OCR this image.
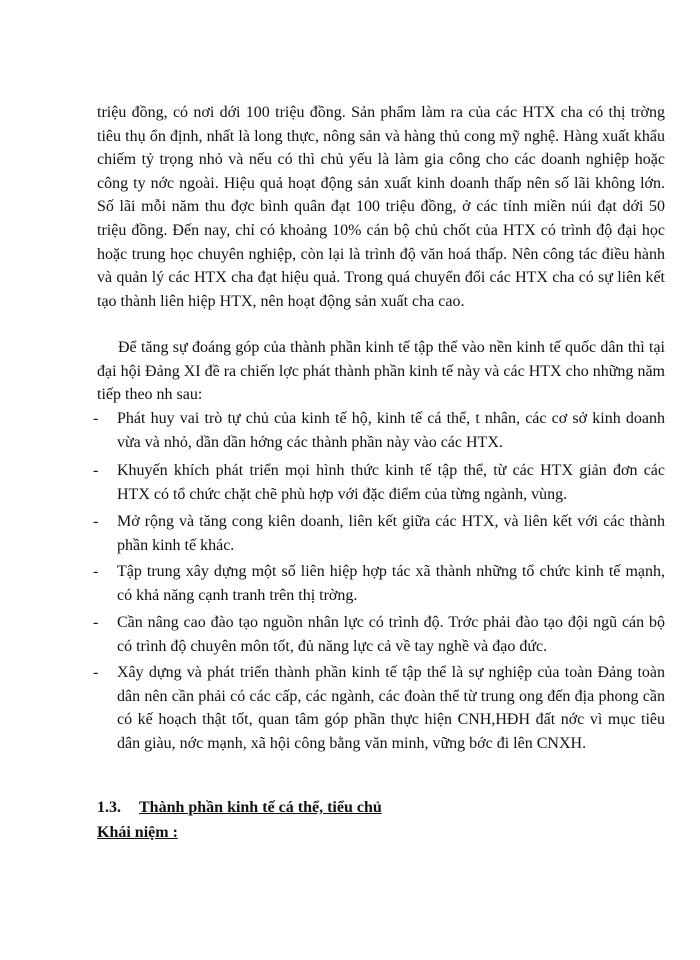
triệu đồng, có nơi dới 100 triệu đồng. Sản phẩm làm ra của các HTX cha có thị trờng tiêu thụ ổn định, nhất là long thực, nông sản và hàng thủ cong mỹ nghệ. Hàng xuất khẩu chiếm tỷ trọng nhỏ và nếu có thì chủ yếu là làm gia công cho các doanh nghiệp hoặc công ty nớc ngoài. Hiệu quả hoạt động sản xuất kinh doanh thấp nên số lãi không lớn. Số lãi mỗi năm thu đợc bình quân đạt 100 triệu đồng, ở các tỉnh miền núi đạt dới 50 triệu đồng. Đến nay, chỉ có khoảng 10% cán bộ chủ chốt của HTX có trình độ đại học hoặc trung học chuyên nghiệp, còn lại là trình độ văn hoá thấp. Nên công tác điều hành và quản lý các HTX cha đạt hiệu quả. Trong quá chuyển đổi các HTX cha có sự liên kết tạo thành liên hiệp HTX, nên hoạt động sản xuất cha cao.

Để tăng sự đoáng góp của thành phần kinh tế tập thể vào nền kinh tế quốc dân thì tại đại hội Đảng XI đề ra chiến lợc phát thành phần kinh tế này và các HTX cho những năm tiếp theo nh sau:

- Phát huy vai trò tự chủ của kinh tế hộ, kinh tế cá thể, t nhân, các cơ sở kinh doanh vừa và nhỏ, dần dần hớng các thành phần này vào các HTX.
- Khuyến khích phát triển mọi hình thức kinh tế tập thể, từ các HTX giản đơn các HTX có tổ chức chặt chẽ phù hợp với đặc điểm của từng ngành, vùng.
- Mở rộng và tăng cong kiên doanh, liên kết giữa các HTX, và liên kết với các thành phần kinh tế khác.
- Tập trung xây dựng một số liên hiệp hợp tác xã thành những tổ chức kinh tế mạnh, có khả năng cạnh tranh trên thị trờng.
- Cần nâng cao đào tạo nguồn nhân lực có trình độ. Trớc phải đào tạo đội ngũ cán bộ có trình độ chuyên môn tốt, đủ năng lực cả về tay nghề và đạo đức.
- Xây dựng và phát triển thành phần kinh tế tập thể là sự nghiệp của toàn Đảng toàn dân nên cần phải có các cấp, các ngành, các đoàn thể từ trung ong đến địa phong cần có kế hoạch thật tốt, quan tâm góp phần thực hiện CNH,HĐH đất nớc vì mục tiêu dân giàu, nớc mạnh, xã hội công bằng văn minh, vững bớc đi lên CNXH.

1.3. Thành phần kinh tế cá thể, tiểu chủ

Khái niệm :
